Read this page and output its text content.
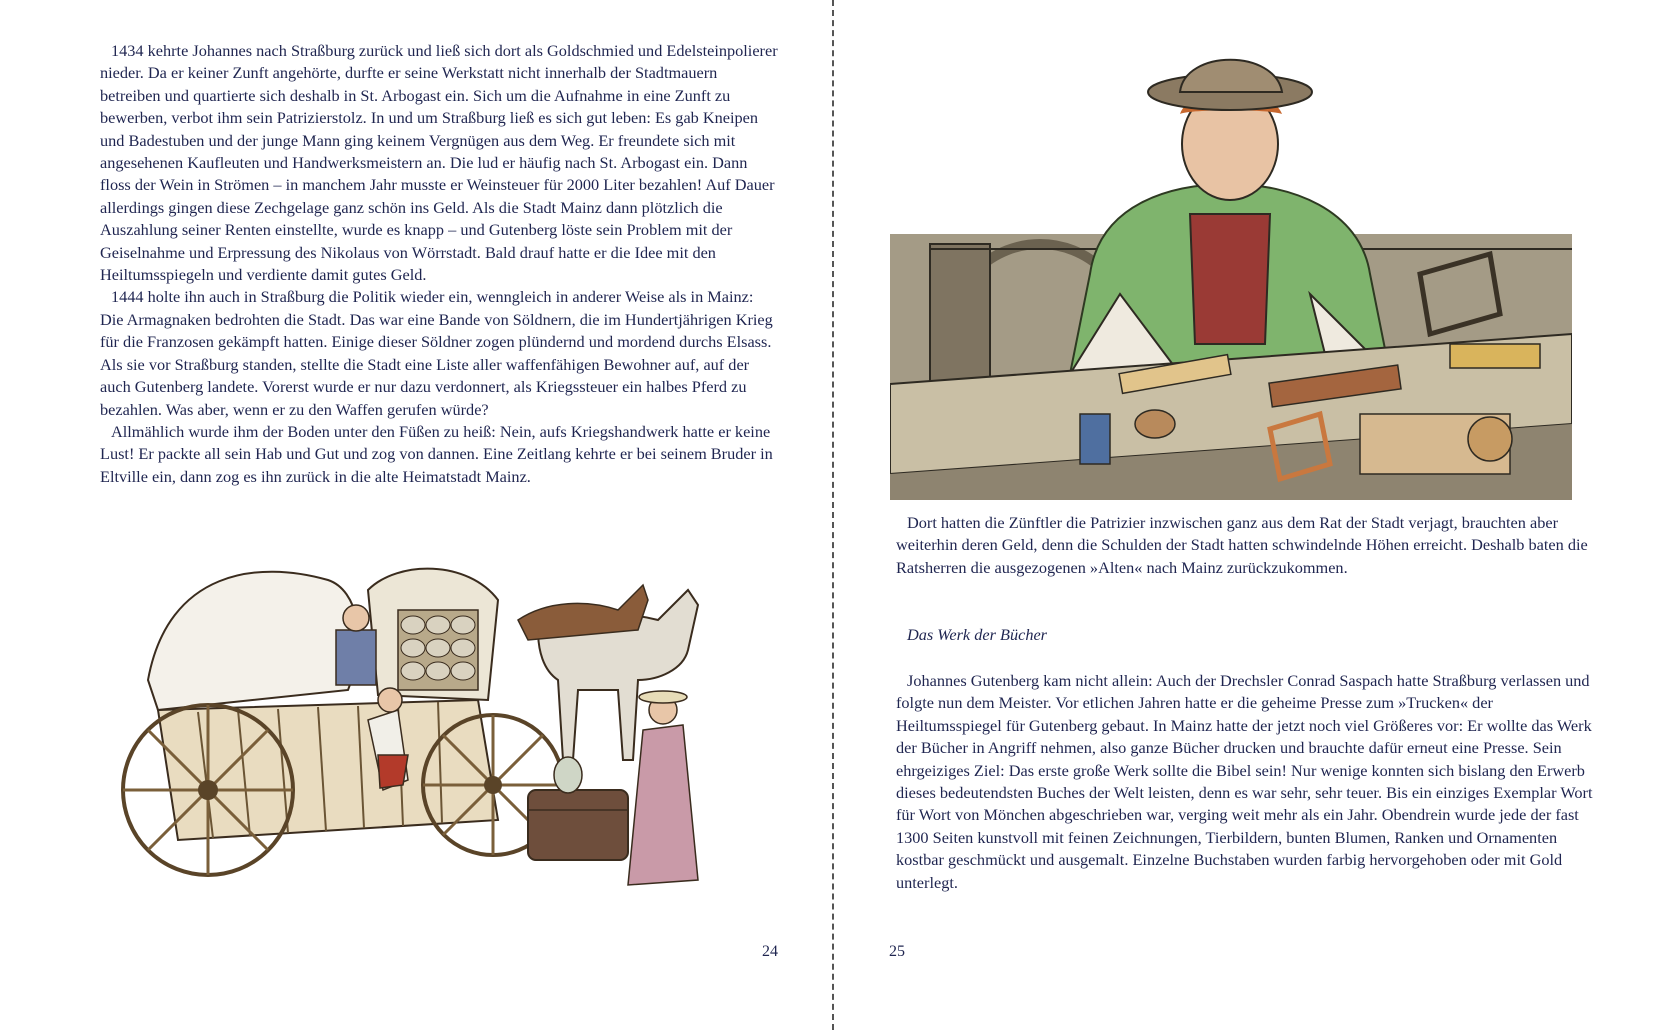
1434 kehrte Johannes nach Straßburg zurück und ließ sich dort als Goldschmied und Edelsteinpolierer nieder. Da er keiner Zunft angehörte, durfte er seine Werkstatt nicht innerhalb der Stadtmauern betreiben und quartierte sich deshalb in St. Arbogast ein. Sich um die Aufnahme in eine Zunft zu bewerben, verbot ihm sein Patrizierstolz. In und um Straßburg ließ es sich gut leben: Es gab Kneipen und Badestuben und der junge Mann ging keinem Vergnügen aus dem Weg. Er freundete sich mit angesehenen Kaufleuten und Handwerksmeistern an. Die lud er häufig nach St. Arbogast ein. Dann floss der Wein in Strömen – in manchem Jahr musste er Weinsteuer für 2000 Liter bezahlen! Auf Dauer allerdings gingen diese Zechgelage ganz schön ins Geld. Als die Stadt Mainz dann plötzlich die Auszahlung seiner Renten einstellte, wurde es knapp – und Gutenberg löste sein Problem mit der Geiselnahme und Erpressung des Nikolaus von Wörrstadt. Bald drauf hatte er die Idee mit den Heiltumsspiegeln und verdiente damit gutes Geld.

1444 holte ihn auch in Straßburg die Politik wieder ein, wenngleich in anderer Weise als in Mainz: Die Armagnaken bedrohten die Stadt. Das war eine Bande von Söldnern, die im Hundertjährigen Krieg für die Franzosen gekämpft hatten. Einige dieser Söldner zogen plündernd und mordend durchs Elsass. Als sie vor Straßburg standen, stellte die Stadt eine Liste aller waffenfähigen Bewohner auf, auf der auch Gutenberg landete. Vorerst wurde er nur dazu verdonnert, als Kriegssteuer ein halbes Pferd zu bezahlen. Was aber, wenn er zu den Waffen gerufen würde?

Allmählich wurde ihm der Boden unter den Füßen zu heiß: Nein, aufs Kriegshandwerk hatte er keine Lust! Er packte all sein Hab und Gut und zog von dannen. Eine Zeitlang kehrte er bei seinem Bruder in Eltville ein, dann zog es ihn zurück in die alte Heimatstadt Mainz.

24

Dort hatten die Zünftler die Patrizier inzwischen ganz aus dem Rat der Stadt verjagt, brauchten aber weiterhin deren Geld, denn die Schulden der Stadt hatten schwindelnde Höhen erreicht. Deshalb baten die Ratsherren die ausgezogenen »Alten« nach Mainz zurückzukommen.

Das Werk der Bücher

Johannes Gutenberg kam nicht allein: Auch der Drechsler Conrad Saspach hatte Straßburg verlassen und folgte nun dem Meister. Vor etlichen Jahren hatte er die geheime Presse zum »Trucken« der Heiltumsspiegel für Gutenberg gebaut. In Mainz hatte der jetzt noch viel Größeres vor: Er wollte das Werk der Bücher in Angriff nehmen, also ganze Bücher drucken und brauchte dafür erneut eine Presse. Sein ehrgeiziges Ziel: Das erste große Werk sollte die Bibel sein! Nur wenige konnten sich bislang den Erwerb dieses bedeutendsten Buches der Welt leisten, denn es war sehr, sehr teuer. Bis ein einziges Exemplar Wort für Wort von Mönchen abgeschrieben war, verging weit mehr als ein Jahr. Obendrein wurde jede der fast 1300 Seiten kunstvoll mit feinen Zeichnungen, Tierbildern, bunten Blumen, Ranken und Ornamenten kostbar geschmückt und ausgemalt. Einzelne Buchstaben wurden farbig hervorgehoben oder mit Gold unterlegt.

25
